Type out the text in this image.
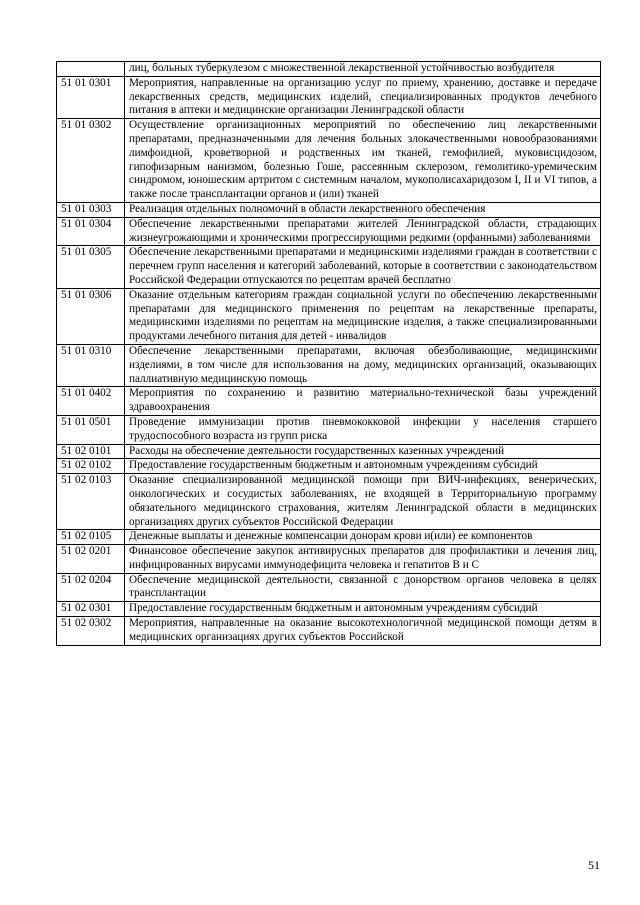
	лиц, больных туберкулезом с множественной лекарственной устойчивостью возбудителя
51 01 0301	Мероприятия, направленные на организацию услуг по приему, хранению, доставке и передаче лекарственных средств, медицинских изделий, специализированных продуктов лечебного питания в аптеки и медицинские организации Ленинградской области
51 01 0302	Осуществление организационных мероприятий по обеспечению лиц лекарственными препаратами, предназначенными для лечения больных злокачественными новообразованиями лимфоидной, кроветворной и родственных им тканей, гемофилией, муковисцидозом, гипофизарным нанизмом, болезнью Гоше, рассеянным склерозом, гемолитико-уремическим синдромом, юношеским артритом с системным началом, мукополисахаридозом I, II и VI типов, а также после трансплантации органов и (или) тканей
51 01 0303	Реализация отдельных полномочий в области лекарственного обеспечения
51 01 0304	Обеспечение лекарственными препаратами жителей Ленинградской области, страдающих жизнеугрожающими и хроническими прогрессирующими редкими (орфанными) заболеваниями
51 01 0305	Обеспечение лекарственными препаратами и медицинскими изделиями граждан в соответствии с перечнем групп населения и категорий заболеваний, которые в соответствии с законодательством Российской Федерации отпускаются по рецептам врачей бесплатно
51 01 0306	Оказание отдельным категориям граждан социальной услуги по обеспечению лекарственными препаратами для медицинского применения по рецептам на лекарственные препараты, медицинскими изделиями по рецептам на медицинские изделия, а также специализированными продуктами лечебного питания для детей - инвалидов
51 01 0310	Обеспечение лекарственными препаратами, включая обезболивающие, медицинскими изделиями, в том числе для использования на дому, медицинских организаций, оказывающих паллиативную медицинскую помощь
51 01 0402	Мероприятия по сохранению и развитию материально-технической базы учреждений здравоохранения
51 01 0501	Проведение иммунизации против пневмококковой инфекции у населения старшего трудоспособного возраста из групп риска
51 02 0101	Расходы на обеспечение деятельности государственных казенных учреждений
51 02 0102	Предоставление государственным бюджетным и автономным учреждениям субсидий
51 02 0103	Оказание специализированной медицинской помощи при ВИЧ-инфекциях, венерических, онкологических и сосудистых заболеваниях, не входящей в Территориальную программу обязательного медицинского страхования, жителям Ленинградской области в медицинских организациях других субъектов Российской Федерации
51 02 0105	Денежные выплаты и денежные компенсации донорам крови и(или) ее компонентов
51 02 0201	Финансовое обеспечение закупок антивирусных препаратов для профилактики и лечения лиц, инфицированных вирусами иммунодефицита человека и гепатитов В и С
51 02 0204	Обеспечение медицинской деятельности, связанной с донорством органов человека в целях трансплантации
51 02 0301	Предоставление государственным бюджетным и автономным учреждениям субсидий
51 02 0302	Мероприятия, направленные на оказание высокотехнологичной медицинской помощи детям в медицинских организациях других субъектов Российской
51
